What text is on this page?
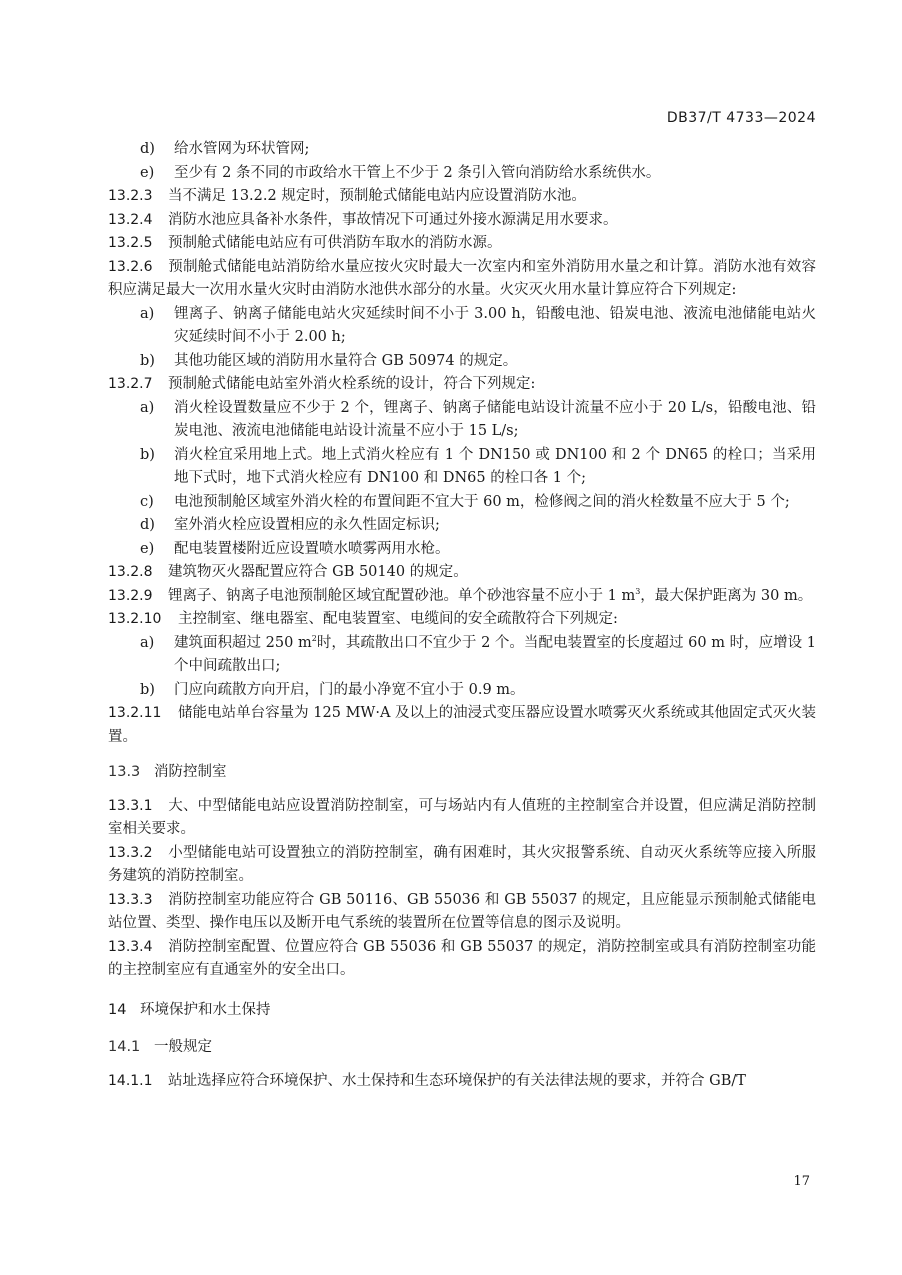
DB37/T 4733—2024
d) 给水管网为环状管网;
e) 至少有 2 条不同的市政给水干管上不少于 2 条引入管向消防给水系统供水。
13.2.3 当不满足 13.2.2 规定时，预制舱式储能电站内应设置消防水池。
13.2.4 消防水池应具备补水条件，事故情况下可通过外接水源满足用水要求。
13.2.5 预制舱式储能电站应有可供消防车取水的消防水源。
13.2.6 预制舱式储能电站消防给水量应按火灾时最大一次室内和室外消防用水量之和计算。消防水池有效容积应满足最大一次用水量火灾时由消防水池供水部分的水量。火灾灭火用水量计算应符合下列规定:
a) 锂离子、钠离子储能电站火灾延续时间不小于 3.00 h，铅酸电池、铅炭电池、液流电池储能电站火灾延续时间不小于 2.00 h;
b) 其他功能区域的消防用水量符合 GB 50974 的规定。
13.2.7 预制舱式储能电站室外消火栓系统的设计，符合下列规定:
a) 消火栓设置数量应不少于 2 个，锂离子、钠离子储能电站设计流量不应小于 20 L/s，铅酸电池、铅炭电池、液流电池储能电站设计流量不应小于 15 L/s;
b) 消火栓宜采用地上式。地上式消火栓应有 1 个 DN150 或 DN100 和 2 个 DN65 的栓口；当采用地下式时，地下式消火栓应有 DN100 和 DN65 的栓口各 1 个;
c) 电池预制舱区域室外消火栓的布置间距不宜大于 60 m，检修阀之间的消火栓数量不应大于 5 个;
d) 室外消火栓应设置相应的永久性固定标识;
e) 配电装置楼附近应设置喷水喷雾两用水枪。
13.2.8 建筑物灭火器配置应符合 GB 50140 的规定。
13.2.9 锂离子、钠离子电池预制舱区域宜配置砂池。单个砂池容量不应小于 1 $m^3$，最大保护距离为 30 m。
13.2.10 主控制室、继电器室、配电装置室、电缆间的安全疏散符合下列规定:
a) 建筑面积超过 250 $m^2$时，其疏散出口不宜少于 2 个。当配电装置室的长度超过 60 m 时，应增设 1 个中间疏散出口;
b) 门应向疏散方向开启，门的最小净宽不宜小于 0.9 m。
13.2.11 储能电站单台容量为 125 MW·A 及以上的油浸式变压器应设置水喷雾灭火系统或其他固定式灭火装置。
13.3 消防控制室
13.3.1 大、中型储能电站应设置消防控制室，可与场站内有人值班的主控制室合并设置，但应满足消防控制室相关要求。
13.3.2 小型储能电站可设置独立的消防控制室，确有困难时，其火灾报警系统、自动灭火系统等应接入所服务建筑的消防控制室。
13.3.3 消防控制室功能应符合 GB 50116、GB 55036 和 GB 55037 的规定，且应能显示预制舱式储能电站位置、类型、操作电压以及断开电气系统的装置所在位置等信息的图示及说明。
13.3.4 消防控制室配置、位置应符合 GB 55036 和 GB 55037 的规定，消防控制室或具有消防控制室功能的主控制室应有直通室外的安全出口。
14 环境保护和水土保持
14.1 一般规定
14.1.1 站址选择应符合环境保护、水土保持和生态环境保护的有关法律法规的要求，并符合 GB/T
17
